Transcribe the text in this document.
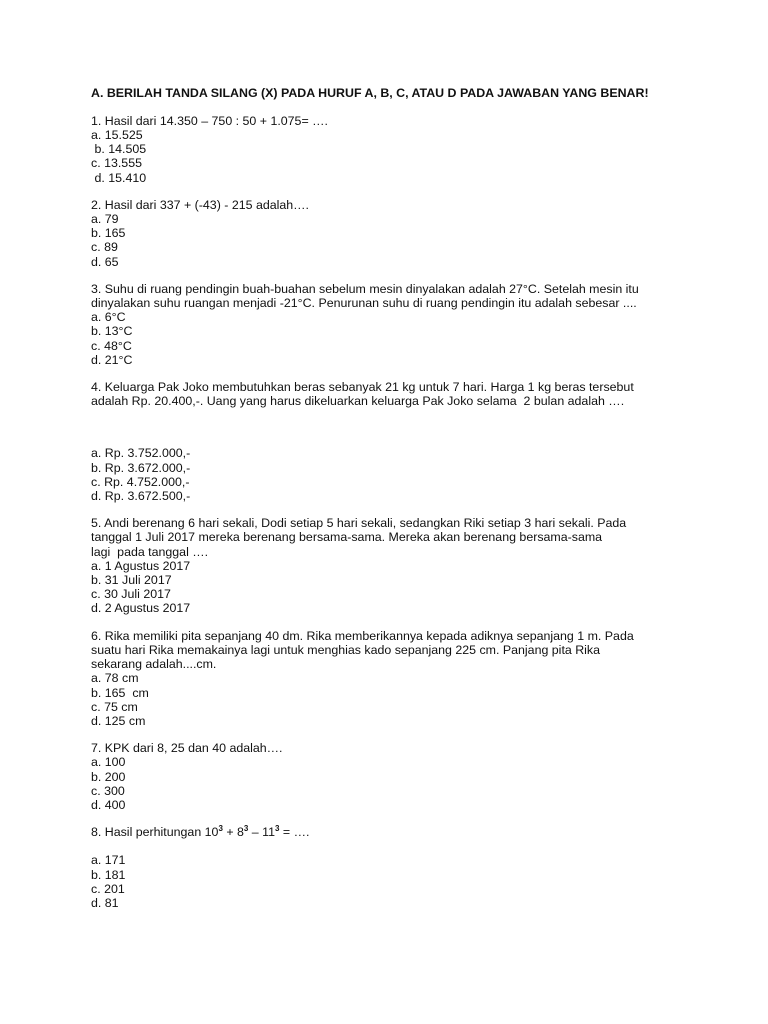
A. BERILAH TANDA SILANG (X) PADA HURUF A, B, C, ATAU D PADA JAWABAN YANG BENAR!
1. Hasil dari 14.350 – 750 : 50 + 1.075= ….
a. 15.525
b. 14.505
c. 13.555
d. 15.410
2. Hasil dari 337 + (-43) - 215 adalah….
a. 79
b. 165
c. 89
d. 65
3. Suhu di ruang pendingin buah-buahan sebelum mesin dinyalakan adalah 27°C. Setelah mesin itu
dinyalakan suhu ruangan menjadi -21°C. Penurunan suhu di ruang pendingin itu adalah sebesar ....
a. 6°C
b. 13°C
c. 48°C
d. 21°C
4. Keluarga Pak Joko membutuhkan beras sebanyak 21 kg untuk 7 hari. Harga 1 kg beras tersebut
adalah Rp. 20.400,-. Uang yang harus dikeluarkan keluarga Pak Joko selama  2 bulan adalah ….
a. Rp. 3.752.000,-
b. Rp. 3.672.000,-
c. Rp. 4.752.000,-
d. Rp. 3.672.500,-
5. Andi berenang 6 hari sekali, Dodi setiap 5 hari sekali, sedangkan Riki setiap 3 hari sekali. Pada
tanggal 1 Juli 2017 mereka berenang bersama-sama. Mereka akan berenang bersama-sama
lagi  pada tanggal ….
a. 1 Agustus 2017
b. 31 Juli 2017
c. 30 Juli 2017
d. 2 Agustus 2017
6. Rika memiliki pita sepanjang 40 dm. Rika memberikannya kepada adiknya sepanjang 1 m. Pada
suatu hari Rika memakainya lagi untuk menghias kado sepanjang 225 cm. Panjang pita Rika
sekarang adalah....cm.
a. 78 cm
b. 165  cm
c. 75 cm
d. 125 cm
7. KPK dari 8, 25 dan 40 adalah….
a. 100
b. 200
c. 300
d. 400
8. Hasil perhitungan $10^3 + 8^3 - 11^3$ = ….
a. 171
b. 181
c. 201
d. 81
